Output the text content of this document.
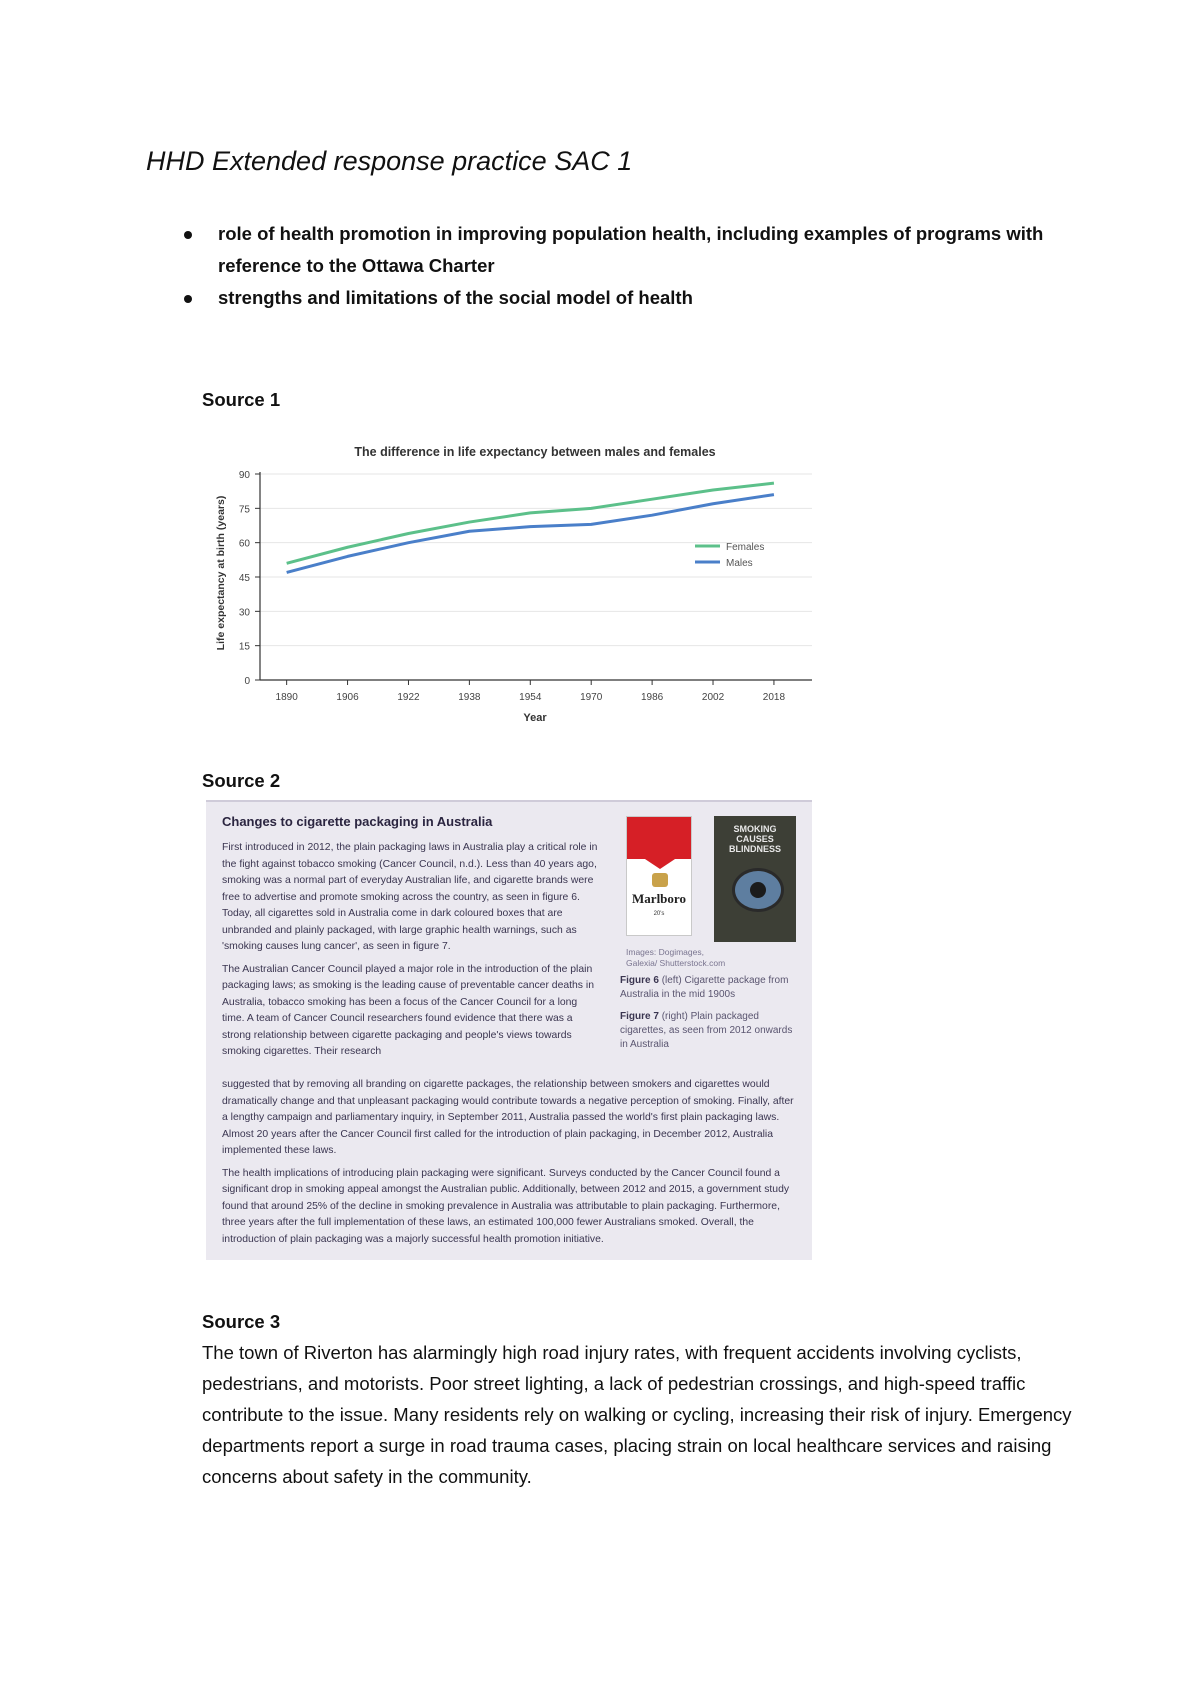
HHD Extended response practice SAC 1
role of health promotion in improving population health, including examples of programs with reference to the Ottawa Charter
strengths and limitations of the social model of health
Source 1
The difference in life expectancy between males and females
Life expectancy at birth (years)
Year
0
15
30
45
60
75
90
1890	1906	1922	1938	1954	1970	1986	2002	2018
Females
Males
Source 2
Changes to cigarette packaging in Australia

First introduced in 2012, the plain packaging laws in Australia play a critical role in the fight against tobacco smoking (Cancer Council, n.d.). Less than 40 years ago, smoking was a normal part of everyday Australian life, and cigarette brands were free to advertise and promote smoking across the country, as seen in figure 6. Today, all cigarettes sold in Australia come in dark coloured boxes that are unbranded and plainly packaged, with large graphic health warnings, such as 'smoking causes lung cancer', as seen in figure 7.

The Australian Cancer Council played a major role in the introduction of the plain packaging laws; as smoking is the leading cause of preventable cancer deaths in Australia, tobacco smoking has been a focus of the Cancer Council for a long time. A team of Cancer Council researchers found evidence that there was a strong relationship between cigarette packaging and people's views towards smoking cigarettes. Their research

suggested that by removing all branding on cigarette packages, the relationship between smokers and cigarettes would dramatically change and that unpleasant packaging would contribute towards a negative perception of smoking. Finally, after a lengthy campaign and parliamentary inquiry, in September 2011, Australia passed the world's first plain packaging laws. Almost 20 years after the Cancer Council first called for the introduction of plain packaging, in December 2012, Australia implemented these laws.

The health implications of introducing plain packaging were significant. Surveys conducted by the Cancer Council found a significant drop in smoking appeal amongst the Australian public. Additionally, between 2012 and 2015, a government study found that around 25% of the decline in smoking prevalence in Australia was attributable to plain packaging. Furthermore, three years after the full implementation of these laws, an estimated 100,000 fewer Australians smoked. Overall, the introduction of plain packaging was a majorly successful health promotion initiative.

Marlboro
20's
SMOKING CAUSES BLINDNESS
Images: Dogimages, Galexia/ Shutterstock.com
Figure 6 (left) Cigarette package from Australia in the mid 1900s
Figure 7 (right) Plain packaged cigarettes, as seen from 2012 onwards in Australia
Source 3
The town of Riverton has alarmingly high road injury rates, with frequent accidents involving cyclists, pedestrians, and motorists. Poor street lighting, a lack of pedestrian crossings, and high-speed traffic contribute to the issue. Many residents rely on walking or cycling, increasing their risk of injury. Emergency departments report a surge in road trauma cases, placing strain on local healthcare services and raising concerns about safety in the community.
